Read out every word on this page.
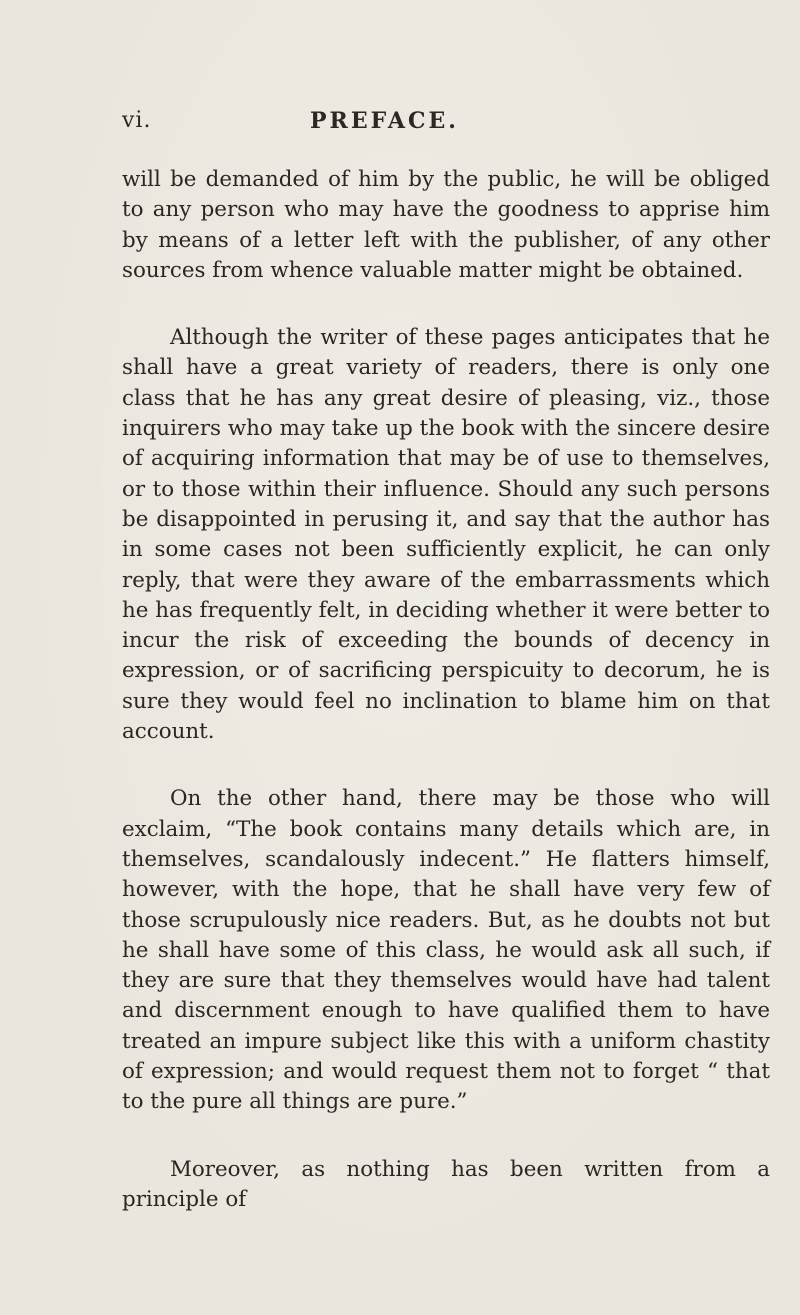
vi.	PREFACE.

will be demanded of him by the public, he will be obliged to any person who may have the goodness to apprise him by means of a letter left with the publisher, of any other sources from whence valuable matter might be obtained.

Although the writer of these pages anticipates that he shall have a great variety of readers, there is only one class that he has any great desire of pleasing, viz., those inquirers who may take up the book with the sincere desire of acquiring information that may be of use to themselves, or to those within their influence. Should any such persons be disappointed in perusing it, and say that the author has in some cases not been sufficiently explicit, he can only reply, that were they aware of the embarrassments which he has frequently felt, in deciding whether it were better to incur the risk of exceeding the bounds of decency in expression, or of sacrificing perspicuity to decorum, he is sure they would feel no inclination to blame him on that account.

On the other hand, there may be those who will exclaim, “The book contains many details which are, in themselves, scandalously indecent.” He flatters himself, however, with the hope, that he shall have very few of those scrupulously nice readers. But, as he doubts not but he shall have some of this class, he would ask all such, if they are sure that they themselves would have had talent and discernment enough to have qualified them to have treated an impure subject like this with a uniform chastity of expression; and would request them not to forget “ that to the pure all things are pure.”

Moreover, as nothing has been written from a principle of
